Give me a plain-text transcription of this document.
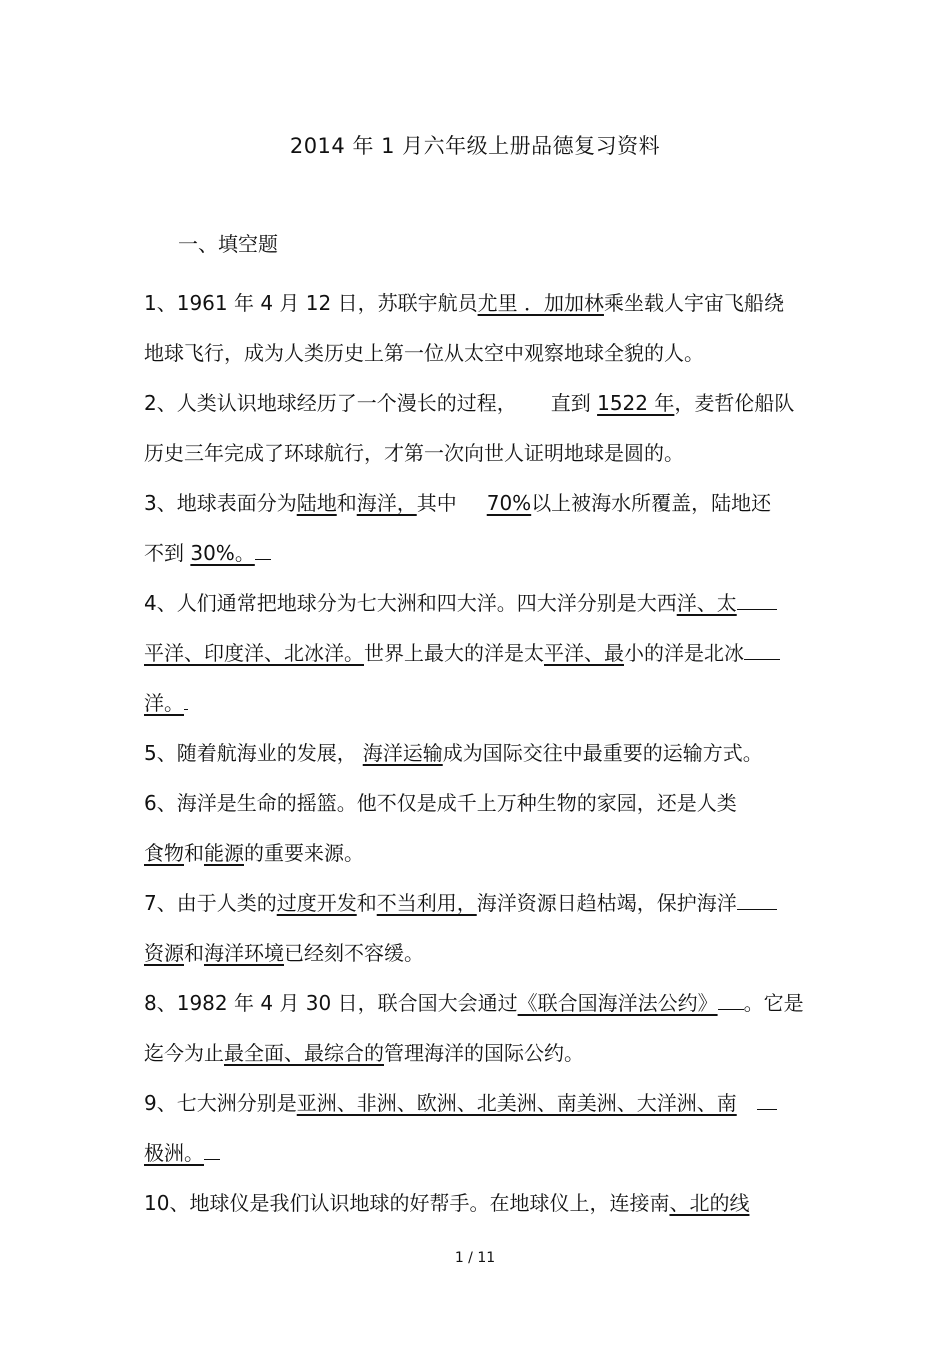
2014 年 1 月六年级上册品德复习资料
一、填空题
1、1961 年 4 月 12 日，苏联宇航员尤里 ．加加林乘坐载人宇宙飞船绕
地球飞行，成为人类历史上第一位从太空中观察地球全貌的人。
2、人类认识地球经历了一个漫长的过程， 直到 1522 年，麦哲伦船队
历史三年完成了环球航行，才第一次向世人证明地球是圆的。
3、地球表面分为陆地和海洋，其中 70%以上被海水所覆盖，陆地还
不到 30%。
4、人们通常把地球分为七大洲和四大洋。四大洋分别是大西洋、太
平洋、印度洋、北冰洋。世界上最大的洋是太平洋、最小的洋是北冰
洋。
5、随着航海业的发展， 海洋运输成为国际交往中最重要的运输方式。
6、海洋是生命的摇篮。他不仅是成千上万种生物的家园，还是人类
食物和能源的重要来源。
7、由于人类的过度开发和不当利用，海洋资源日趋枯竭，保护海洋
资源和海洋环境已经刻不容缓。
8、1982 年 4 月 30 日，联合国大会通过《联合国海洋法公约》 。它是
迄今为止最全面、最综合的管理海洋的国际公约。
9、七大洲分别是亚洲、非洲、欧洲、北美洲、南美洲、大洋洲、南
极洲。
10、地球仪是我们认识地球的好帮手。在地球仪上，连接南、北的线
1 / 11
